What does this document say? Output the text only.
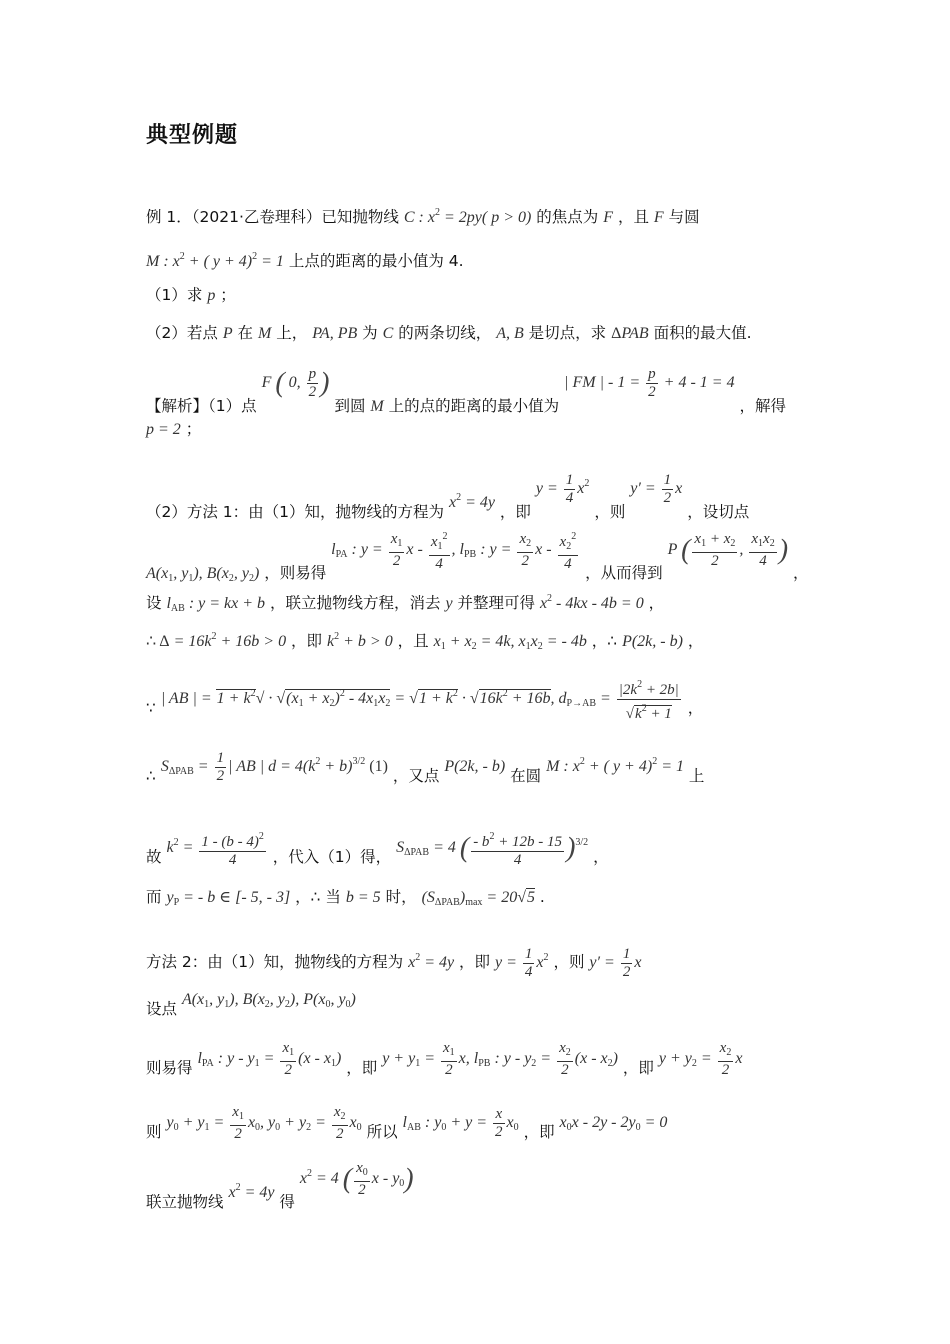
典型例题
例 1．（2021·乙卷理科）已知抛物线 C : $x^2 = 2py$( p > 0) 的焦点为 F ，且 F 与圆
M : $x^2$ + ( y + 4)$^2$ = 1 上点的距离的最小值为 4.
（1）求 p ；
（2）若点 P 在 M 上， PA, PB 为 C 的两条切线， A, B 是切点，求 ΔPAB 面积的最大值.
【解析】（1）点 F ( 0, $\frac{p}{2}$ ) 到圆 M 上的点的距离的最小值为 | FM | - $1 = \frac{p}{2} + 4 - 1 = 4$ ，解得
p = 2 ；
（2）方法 1：由（1）知，抛物线的方程为 $x^2 = 4y$ ，即 $y = \frac{1}{4} x^2$ ，则 $y' = \frac{1}{2}$ x ，设切点
$A(x_1$, $y_1$), $B(x_2$, $y_2$) ，则易得 $l_{PA}$ : $y = \frac{x_1}{2}$ x - $\frac{x_1^2}{4}$ , $l_{PB}$ : $y = \frac{x_2}{2}$ x - $\frac{x_2^2}{4}$
，从而得到 P ( $\frac{x_1 + x_2}{2}$ , $\frac{x_1x_2}{4}$ ) ，
设 $l_{AB}$ : y = kx + b ，联立抛物线方程，消去 y 并整理可得 $x^2 - 4kx - 4b = 0$ ，
∴ $\Delta = 16k^2 + 16b > 0$ ，即 $k^2 + b > 0$ ，且 $x_1 + x_2 = 4k$, $x_1x_2$ = - 4b ，∴ P(2k, - b) ，
∵ | AB | = $1 + k^2√ \cdot √(x_1 + x_2)^2 - 4x_1x_2 = √1 + k^2 \cdot √16k^2 + 16b$, $d_{P\to AB} = \frac{|2k^2 + 2b|}{√k^2 + 1}$ ，
∴ $S_{\Delta PAB} = \frac{1}{2}$ | AB | $d = 4(k^2 + b)^{3/2}$ (1) ，又点 P(2k, - b) 在圆 M : $x^2$ + ( y + 4)$^2$ = 1 上
故 $k^2 = \frac{1 - (b - 4)^2}{4}$ ，代入（1）得， $S_{\Delta PAB} = 4$ ( $\frac{- b^2 + 12b - 15}{4} )^{3/2}$ ，
而 $y_P$ = - b ∈ [- 5, - 3] ，∴ 当 b = 5 时， $(S_{\Delta PAB})_{max} = 20√5$ .
方法 2：由（1）知，抛物线的方程为 $x^2 = 4y$ ，即 $y = \frac{1}{4} x^2$ ，则 $y' = \frac{1}{2}$ x
设点 $A(x_1$, $y_1$), $B(x_2$, $y_2$), $P(x_0$, $y_0$)
则易得 $l_{PA}$ : $y - y_1 = \frac{x_1}{2} (x - x_1)$ ，即 $y + y_1 = \frac{x_1}{2} x$, $l_{PB}$ : $y - y_2 = \frac{x_2}{2} (x - x_2)$ ，即 $y + y_2 = \frac{x_2}{2}$ x
则 $y_0 + y_1 = \frac{x_1}{2} x_0$, $y_0 + y_2 = \frac{x_2}{2} x_0$ 所以 $l_{AB}$ : $y_0 + y = \frac{x}{2} x_0$ ，即 $x_0x - 2y - 2y_0 = 0$
联立抛物线 $x^2 = 4y$ 得 $x^2 = 4$ ( $\frac{x_0}{2}$ x - $y_0$)
